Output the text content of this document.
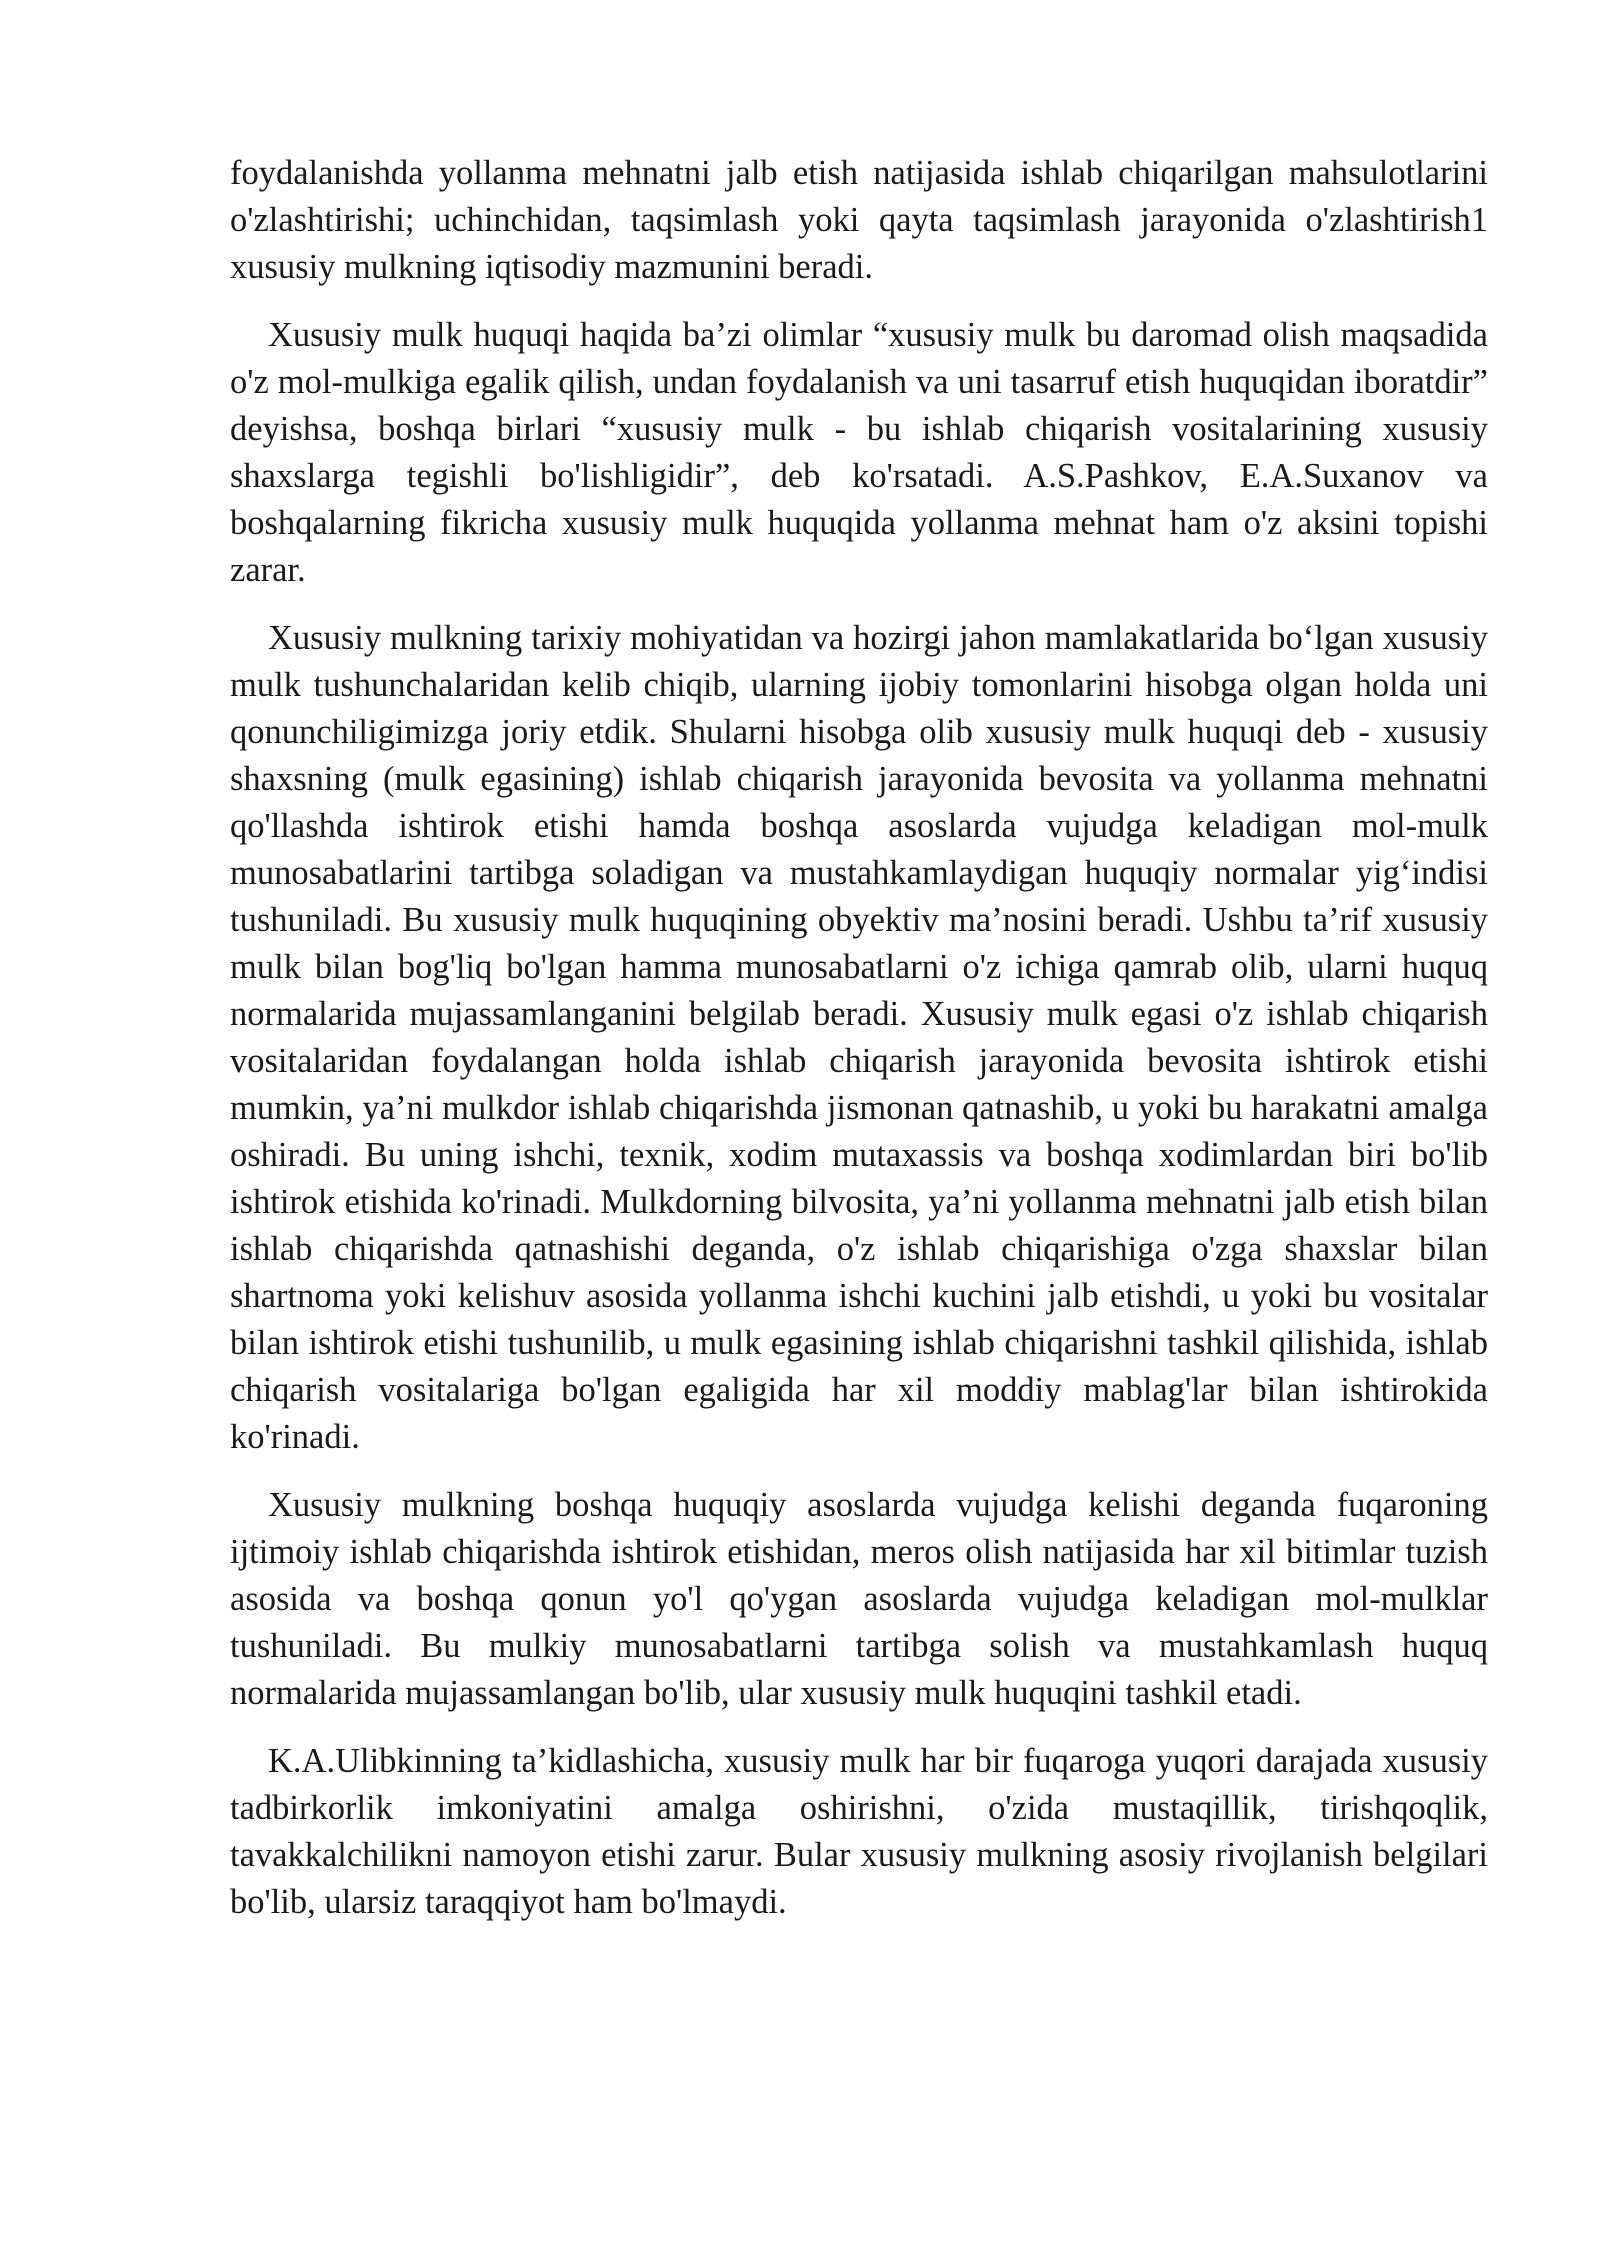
foydalanishda yollanma mehnatni jalb etish natijasida ishlab chiqarilgan mahsulotlarini o'zlashtirishi; uchinchidan, taqsimlash yoki qayta taqsimlash jarayonida o'zlashtirish1 xususiy mulkning iqtisodiy mazmunini beradi.

Xususiy mulk huquqi haqida ba’zi olimlar “xususiy mulk bu daromad olish maqsadida o'z mol-mulkiga egalik qilish, undan foydalanish va uni tasarruf etish huquqidan iboratdir” deyishsa, boshqa birlari “xususiy mulk - bu ishlab chiqarish vositalarining xususiy shaxslarga tegishli bo'lishligidir”, deb ko'rsatadi. A.S.Pashkov, E.A.Suxanov va boshqalarning fikricha xususiy mulk huquqida yollanma mehnat ham o'z aksini topishi zarar.

Xususiy mulkning tarixiy mohiyatidan va hozirgi jahon mamlakatlarida bo‘lgan xususiy mulk tushunchalaridan kelib chiqib, ularning ijobiy tomonlarini hisobga olgan holda uni qonunchiligimizga joriy etdik. Shularni hisobga olib xususiy mulk huquqi deb - xususiy shaxsning (mulk egasining) ishlab chiqarish jarayonida bevosita va yollanma mehnatni qo'llashda ishtirok etishi hamda boshqa asoslarda vujudga keladigan mol-mulk munosabatlarini tartibga soladigan va mustahkamlaydigan huquqiy normalar yig‘indisi tushuniladi. Bu xususiy mulk huquqining obyektiv ma’nosini beradi. Ushbu ta’rif xususiy mulk bilan bog'liq bo'lgan hamma munosabatlarni o'z ichiga qamrab olib, ularni huquq normalarida mujassamlanganini belgilab beradi. Xususiy mulk egasi o'z ishlab chiqarish vositalaridan foydalangan holda ishlab chiqarish jarayonida bevosita ishtirok etishi mumkin, ya’ni mulkdor ishlab chiqarishda jismonan qatnashib, u yoki bu harakatni amalga oshiradi. Bu uning ishchi, texnik, xodim mutaxassis va boshqa xodimlardan biri bo'lib ishtirok etishida ko'rinadi. Mulkdorning bilvosita, ya’ni yollanma mehnatni jalb etish bilan ishlab chiqarishda qatnashishi deganda, o'z ishlab chiqarishiga o'zga shaxslar bilan shartnoma yoki kelishuv asosida yollanma ishchi kuchini jalb etishdi, u yoki bu vositalar bilan ishtirok etishi tushunilib, u mulk egasining ishlab chiqarishni tashkil qilishida, ishlab chiqarish vositalariga bo'lgan egaligida har xil moddiy mablag'lar bilan ishtirokida ko'rinadi.

Xususiy mulkning boshqa huquqiy asoslarda vujudga kelishi deganda fuqaroning ijtimoiy ishlab chiqarishda ishtirok etishidan, meros olish natijasida har xil bitimlar tuzish asosida va boshqa qonun yo'l qo'ygan asoslarda vujudga keladigan mol-mulklar tushuniladi. Bu mulkiy munosabatlarni tartibga solish va mustahkamlash huquq normalarida mujassamlangan bo'lib, ular xususiy mulk huquqini tashkil etadi.

K.A.Ulibkinning ta’kidlashicha, xususiy mulk har bir fuqaroga yuqori darajada xususiy tadbirkorlik imkoniyatini amalga oshirishni, o'zida mustaqillik, tirishqoqlik, tavakkalchilikni namoyon etishi zarur. Bular xususiy mulkning asosiy rivojlanish belgilari bo'lib, ularsiz taraqqiyot ham bo'lmaydi.
